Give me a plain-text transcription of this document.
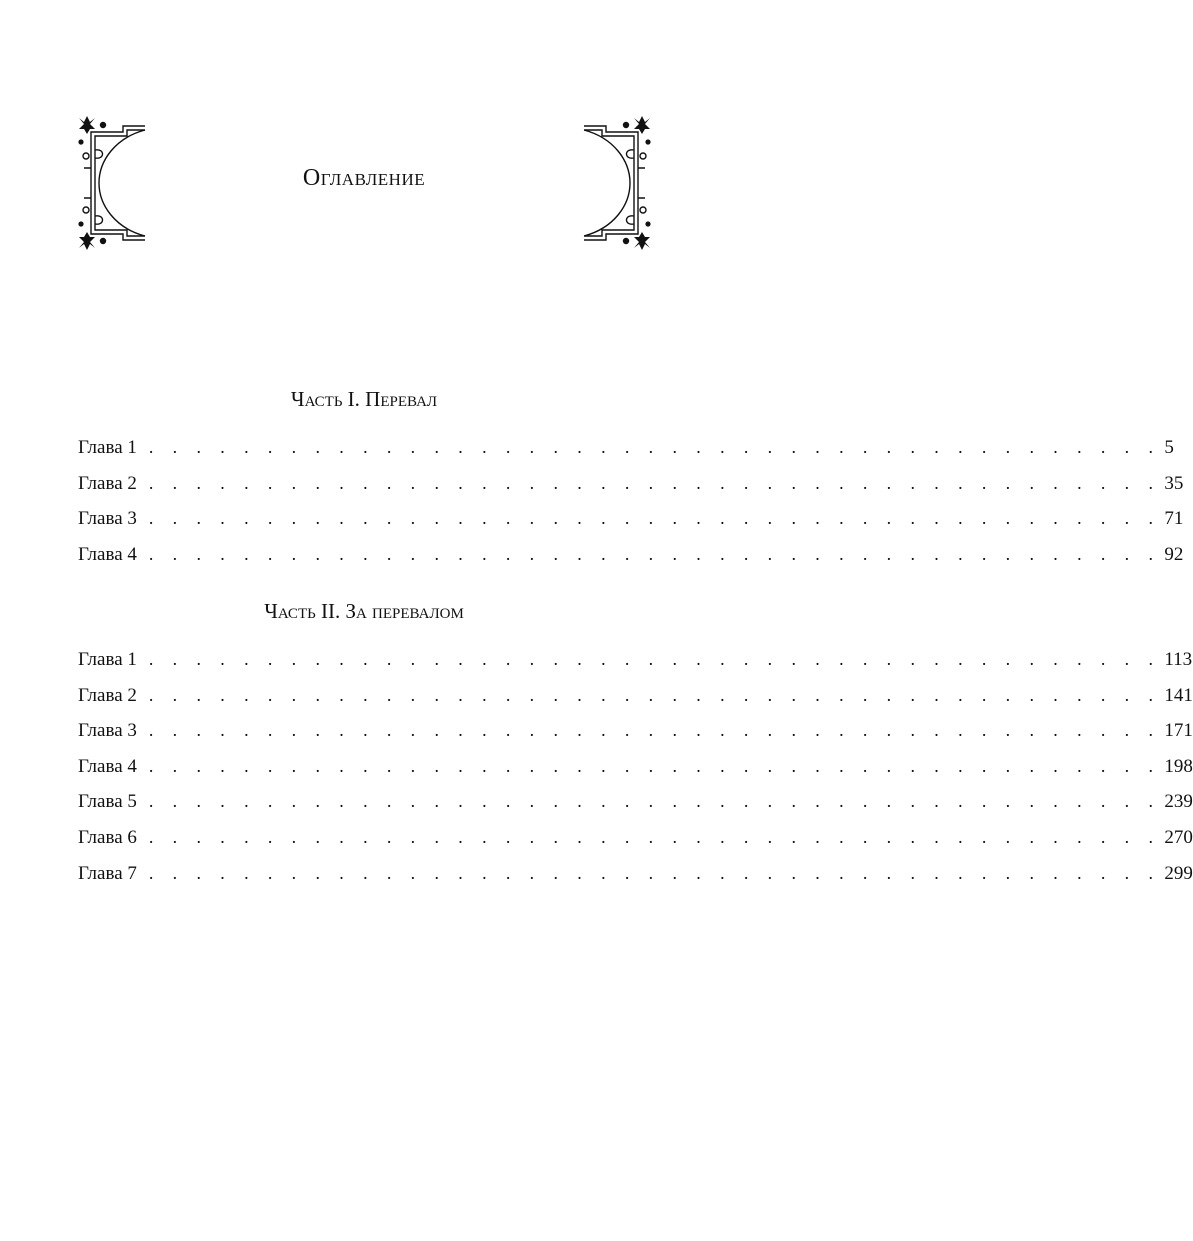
Оглавление
Часть I. Перевал
Глава 1 . . . . . . . . . . . . . . . . . . . . . . . . . . . . . . . . . . . . . . . . . . . 5
Глава 2 . . . . . . . . . . . . . . . . . . . . . . . . . . . . . . . . . . . . . . . . . . . 35
Глава 3 . . . . . . . . . . . . . . . . . . . . . . . . . . . . . . . . . . . . . . . . . . . 71
Глава 4 . . . . . . . . . . . . . . . . . . . . . . . . . . . . . . . . . . . . . . . . . . . 92
Часть II. За перевалом
Глава 1 . . . . . . . . . . . . . . . . . . . . . . . . . . . . . . . . . . . . . . . . . . . 113
Глава 2 . . . . . . . . . . . . . . . . . . . . . . . . . . . . . . . . . . . . . . . . . . . 141
Глава 3 . . . . . . . . . . . . . . . . . . . . . . . . . . . . . . . . . . . . . . . . . . . 171
Глава 4 . . . . . . . . . . . . . . . . . . . . . . . . . . . . . . . . . . . . . . . . . . . 198
Глава 5 . . . . . . . . . . . . . . . . . . . . . . . . . . . . . . . . . . . . . . . . . . . 239
Глава 6 . . . . . . . . . . . . . . . . . . . . . . . . . . . . . . . . . . . . . . . . . . . 270
Глава 7 . . . . . . . . . . . . . . . . . . . . . . . . . . . . . . . . . . . . . . . . . . . 299
